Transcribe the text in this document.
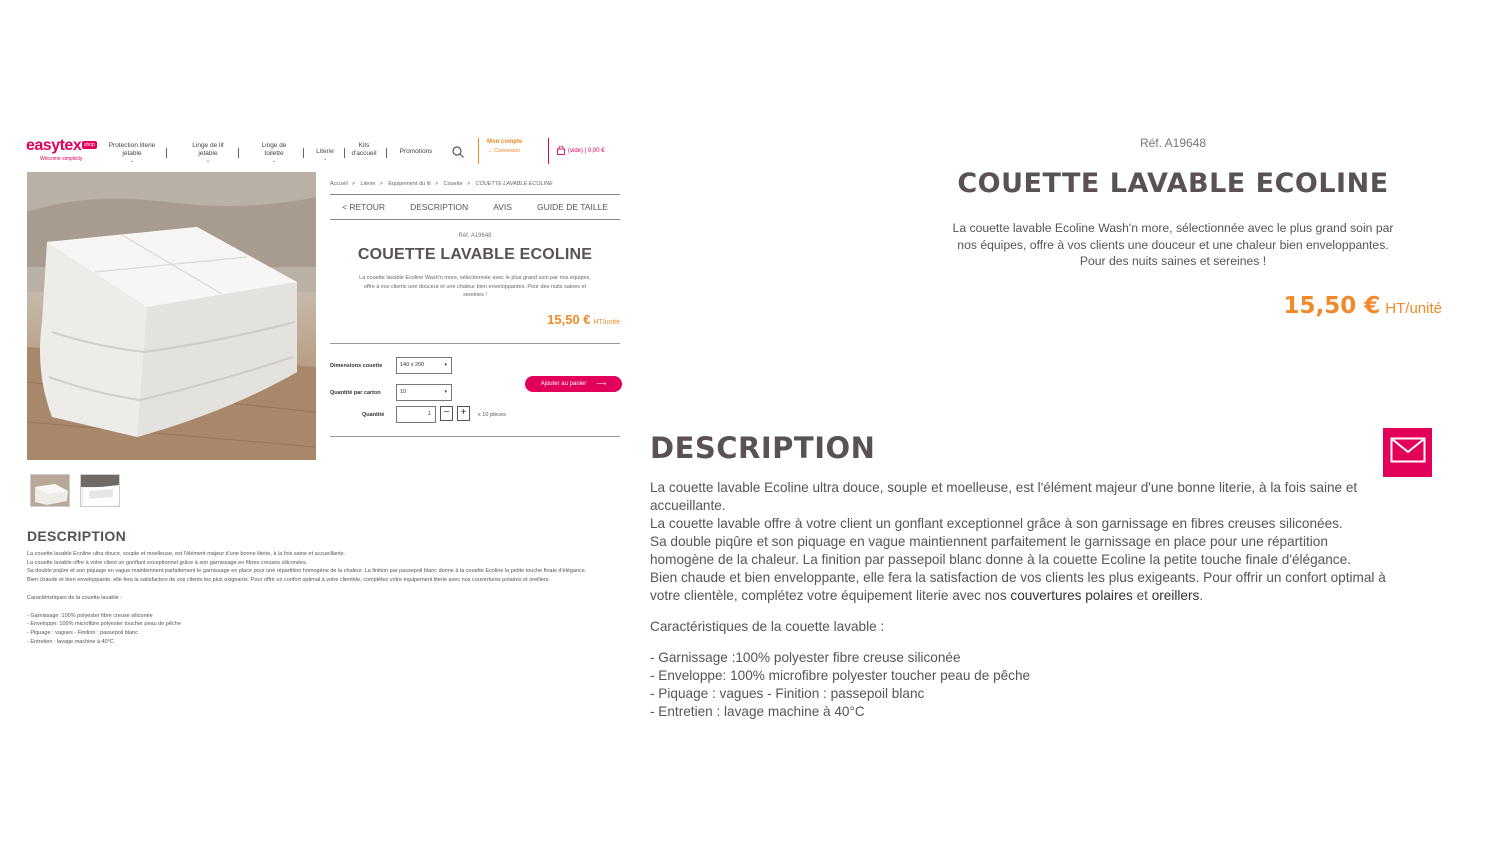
easytex shop
Welcome simplicity
Protection literie jetable
⌄
Linge de lit jetable
⌄
Linge de toilette
⌄
Literie
⌄
Kits d'accueil	Promotions
Mon compte
→ Connexion	(vide) | 0,00 €
Accueil > Literie > Equipement du lit > Couette > COUETTE LAVABLE ECOLINE
< RETOUR	DESCRIPTION	AVIS	GUIDE DE TAILLE
Réf. A19648
COUETTE LAVABLE ECOLINE
La couette lavable Ecoline Wash'n more, sélectionnée avec le plus grand soin par nos équipes, offre à vos clients une douceur et une chaleur bien enveloppantes. Pour des nuits saines et sereines !
15,50 € HT/unité
Dimensions couette	140 x 200	▾
Quantité par carton	10	▾
Quantité	1	−	+	x 10 pièces
Ajouter au panier ⟶
DESCRIPTION

La couette lavable Ecoline ultra douce, souple et moelleuse, est l'élément majeur d'une bonne literie, à la fois saine et accueillante.

La couette lavable offre à votre client un gonflant exceptionnel grâce à son garnissage en fibres creuses siliconées.

Sa double piqûre et son piquage en vague maintiennent parfaitement le garnissage en place pour une répartition homogène de la chaleur. La finition par passepoil blanc donne à la couette Ecoline la petite touche finale d'élégance.

Bien chaude et bien enveloppante, elle fera la satisfaction de vos clients les plus exigeants. Pour offrir un confort optimal à votre clientèle, complétez votre équipement literie avec nos couvertures polaires et oreillers.

Caractéristiques de la couette lavable :

- Garnissage :100% polyester fibre creuse siliconée

- Enveloppe: 100% microfibre polyester toucher peau de pêche

- Piquage : vagues - Finition : passepoil blanc

- Entretien : lavage machine à 40°C

Réf. A19648
COUETTE LAVABLE ECOLINE
La couette lavable Ecoline Wash'n more, sélectionnée avec le plus grand soin par nos équipes, offre à vos clients une douceur et une chaleur bien enveloppantes. Pour des nuits saines et sereines !
15,50 € HT/unité
DESCRIPTION
La couette lavable Ecoline ultra douce, souple et moelleuse, est l'élément majeur d'une bonne literie, à la fois saine et accueillante.
La couette lavable offre à votre client un gonflant exceptionnel grâce à son garnissage en fibres creuses siliconées.
Sa double piqûre et son piquage en vague maintiennent parfaitement le garnissage en place pour une répartition homogène de la chaleur. La finition par passepoil blanc donne à la couette Ecoline la petite touche finale d'élégance.
Bien chaude et bien enveloppante, elle fera la satisfaction de vos clients les plus exigeants. Pour offrir un confort optimal à votre clientèle, complétez votre équipement literie avec nos couvertures polaires et oreillers.
Caractéristiques de la couette lavable :
- Garnissage :100% polyester fibre creuse siliconée
- Enveloppe: 100% microfibre polyester toucher peau de pêche
- Piquage : vagues - Finition : passepoil blanc
- Entretien : lavage machine à 40°C
